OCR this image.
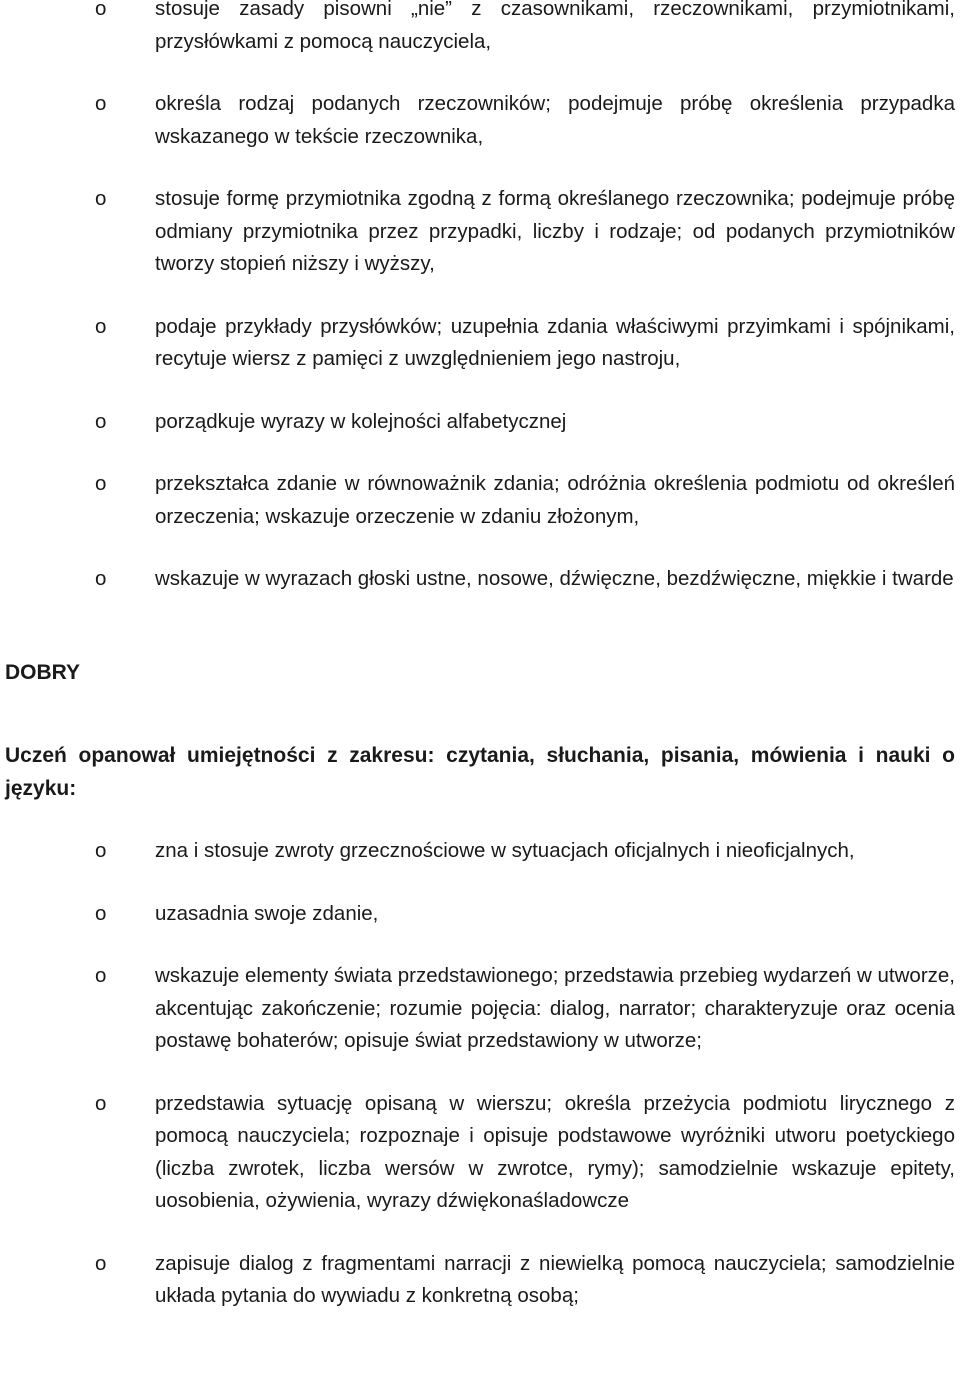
o	stosuje zasady pisowni „nie” z czasownikami, rzeczownikami, przymiotnikami, przysłówkami z pomocą nauczyciela,
o	określa rodzaj podanych rzeczowników; podejmuje próbę określenia przypadka wskazanego w tekście rzeczownika,
o	stosuje formę przymiotnika zgodną z formą określanego rzeczownika; podejmuje próbę odmiany przymiotnika przez przypadki, liczby i rodzaje; od podanych przymiotników tworzy stopień niższy i wyższy,
o	podaje przykłady przysłówków; uzupełnia zdania właściwymi przyimkami i spójnikami, recytuje wiersz z pamięci z uwzględnieniem jego nastroju,
o	porządkuje wyrazy w kolejności alfabetycznej
o	przekształca zdanie w równoważnik zdania; odróżnia określenia podmiotu od określeń orzeczenia; wskazuje orzeczenie w zdaniu złożonym,
o	wskazuje w wyrazach głoski ustne, nosowe, dźwięczne, bezdźwięczne, miękkie i twarde
DOBRY

Uczeń opanował umiejętności z zakresu: czytania, słuchania, pisania, mówienia i nauki o języku:

o	zna i stosuje zwroty grzecznościowe w sytuacjach oficjalnych i nieoficjalnych,
o	uzasadnia swoje zdanie,
o	wskazuje elementy świata przedstawionego; przedstawia przebieg wydarzeń w utworze, akcentując zakończenie; rozumie pojęcia: dialog, narrator; charakteryzuje oraz ocenia postawę bohaterów; opisuje świat przedstawiony w utworze;
o	przedstawia sytuację opisaną w wierszu; określa przeżycia podmiotu lirycznego z pomocą nauczyciela; rozpoznaje i opisuje podstawowe wyróżniki utworu poetyckiego (liczba zwrotek, liczba wersów w zwrotce, rymy); samodzielnie wskazuje epitety, uosobienia, ożywienia, wyrazy dźwiękonaśladowcze
o	zapisuje dialog z fragmentami narracji z niewielką pomocą nauczyciela; samodzielnie układa pytania do wywiadu z konkretną osobą;
